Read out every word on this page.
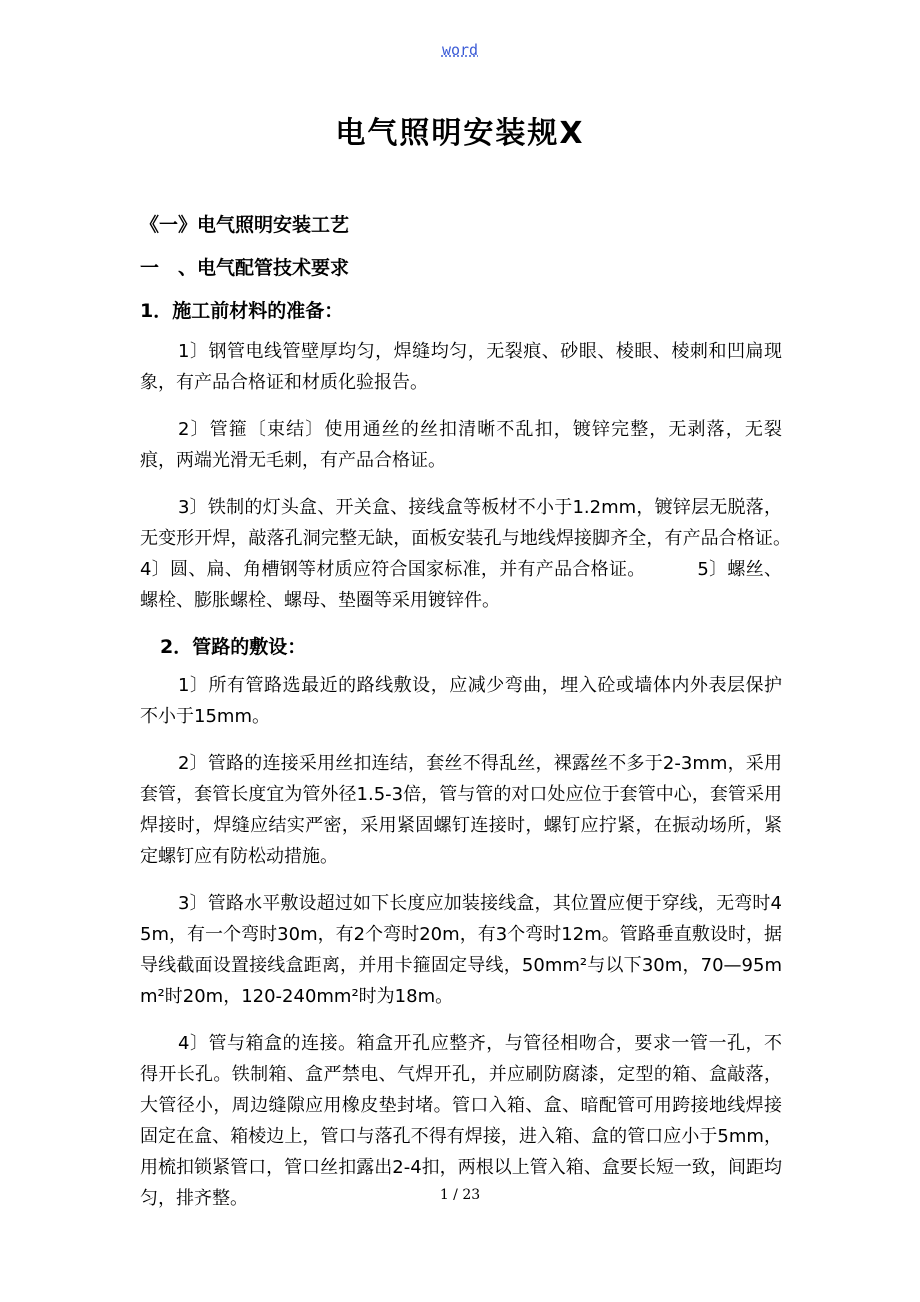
word
电气照明安装规X
《一》电气照明安装工艺
一　、电气配管技术要求
1．施工前材料的准备：
1〕钢管电线管壁厚均匀，焊缝均匀，无裂痕、砂眼、棱眼、棱刺和凹扁现象，有产品合格证和材质化验报告。
2〕管箍〔束结〕使用通丝的丝扣清晰不乱扣，镀锌完整，无剥落，无裂痕，两端光滑无毛刺，有产品合格证。
3〕铁制的灯头盒、开关盒、接线盒等板材不小于1.2mm，镀锌层无脱落，无变形开焊，敲落孔洞完整无缺，面板安装孔与地线焊接脚齐全，有产品合格证。　　 4〕圆、扁、角槽钢等材质应符合国家标准，并有产品合格证。　　　 5〕螺丝、螺栓、膨胀螺栓、螺母、垫圈等采用镀锌件。
2．管路的敷设：
1〕所有管路选最近的路线敷设，应减少弯曲，埋入砼或墙体内外表层保护不小于15mm。
2〕管路的连接采用丝扣连结，套丝不得乱丝，裸露丝不多于2-3mm，采用套管，套管长度宜为管外径1.5-3倍，管与管的对口处应位于套管中心，套管采用焊接时，焊缝应结实严密，采用紧固螺钉连接时，螺钉应拧紧，在振动场所，紧定螺钉应有防松动措施。
3〕管路水平敷设超过如下长度应加装接线盒，其位置应便于穿线，无弯时45m，有一个弯时30m，有2个弯时20m，有3个弯时12m。管路垂直敷设时，据导线截面设置接线盒距离，并用卡箍固定导线，50mm²与以下30m，70—95mm²时20m，120-240mm²时为18m。
4〕管与箱盒的连接。箱盒开孔应整齐，与管径相吻合，要求一管一孔，不得开长孔。铁制箱、盒严禁电、气焊开孔，并应刷防腐漆，定型的箱、盒敲落，大管径小，周边缝隙应用橡皮垫封堵。管口入箱、盒、暗配管可用跨接地线焊接固定在盒、箱棱边上，管口与落孔不得有焊接，进入箱、盒的管口应小于5mm，用梳扣锁紧管口，管口丝扣露出2-4扣，两根以上管入箱、盒要长短一致，间距均匀，排齐整。	1 / 23
